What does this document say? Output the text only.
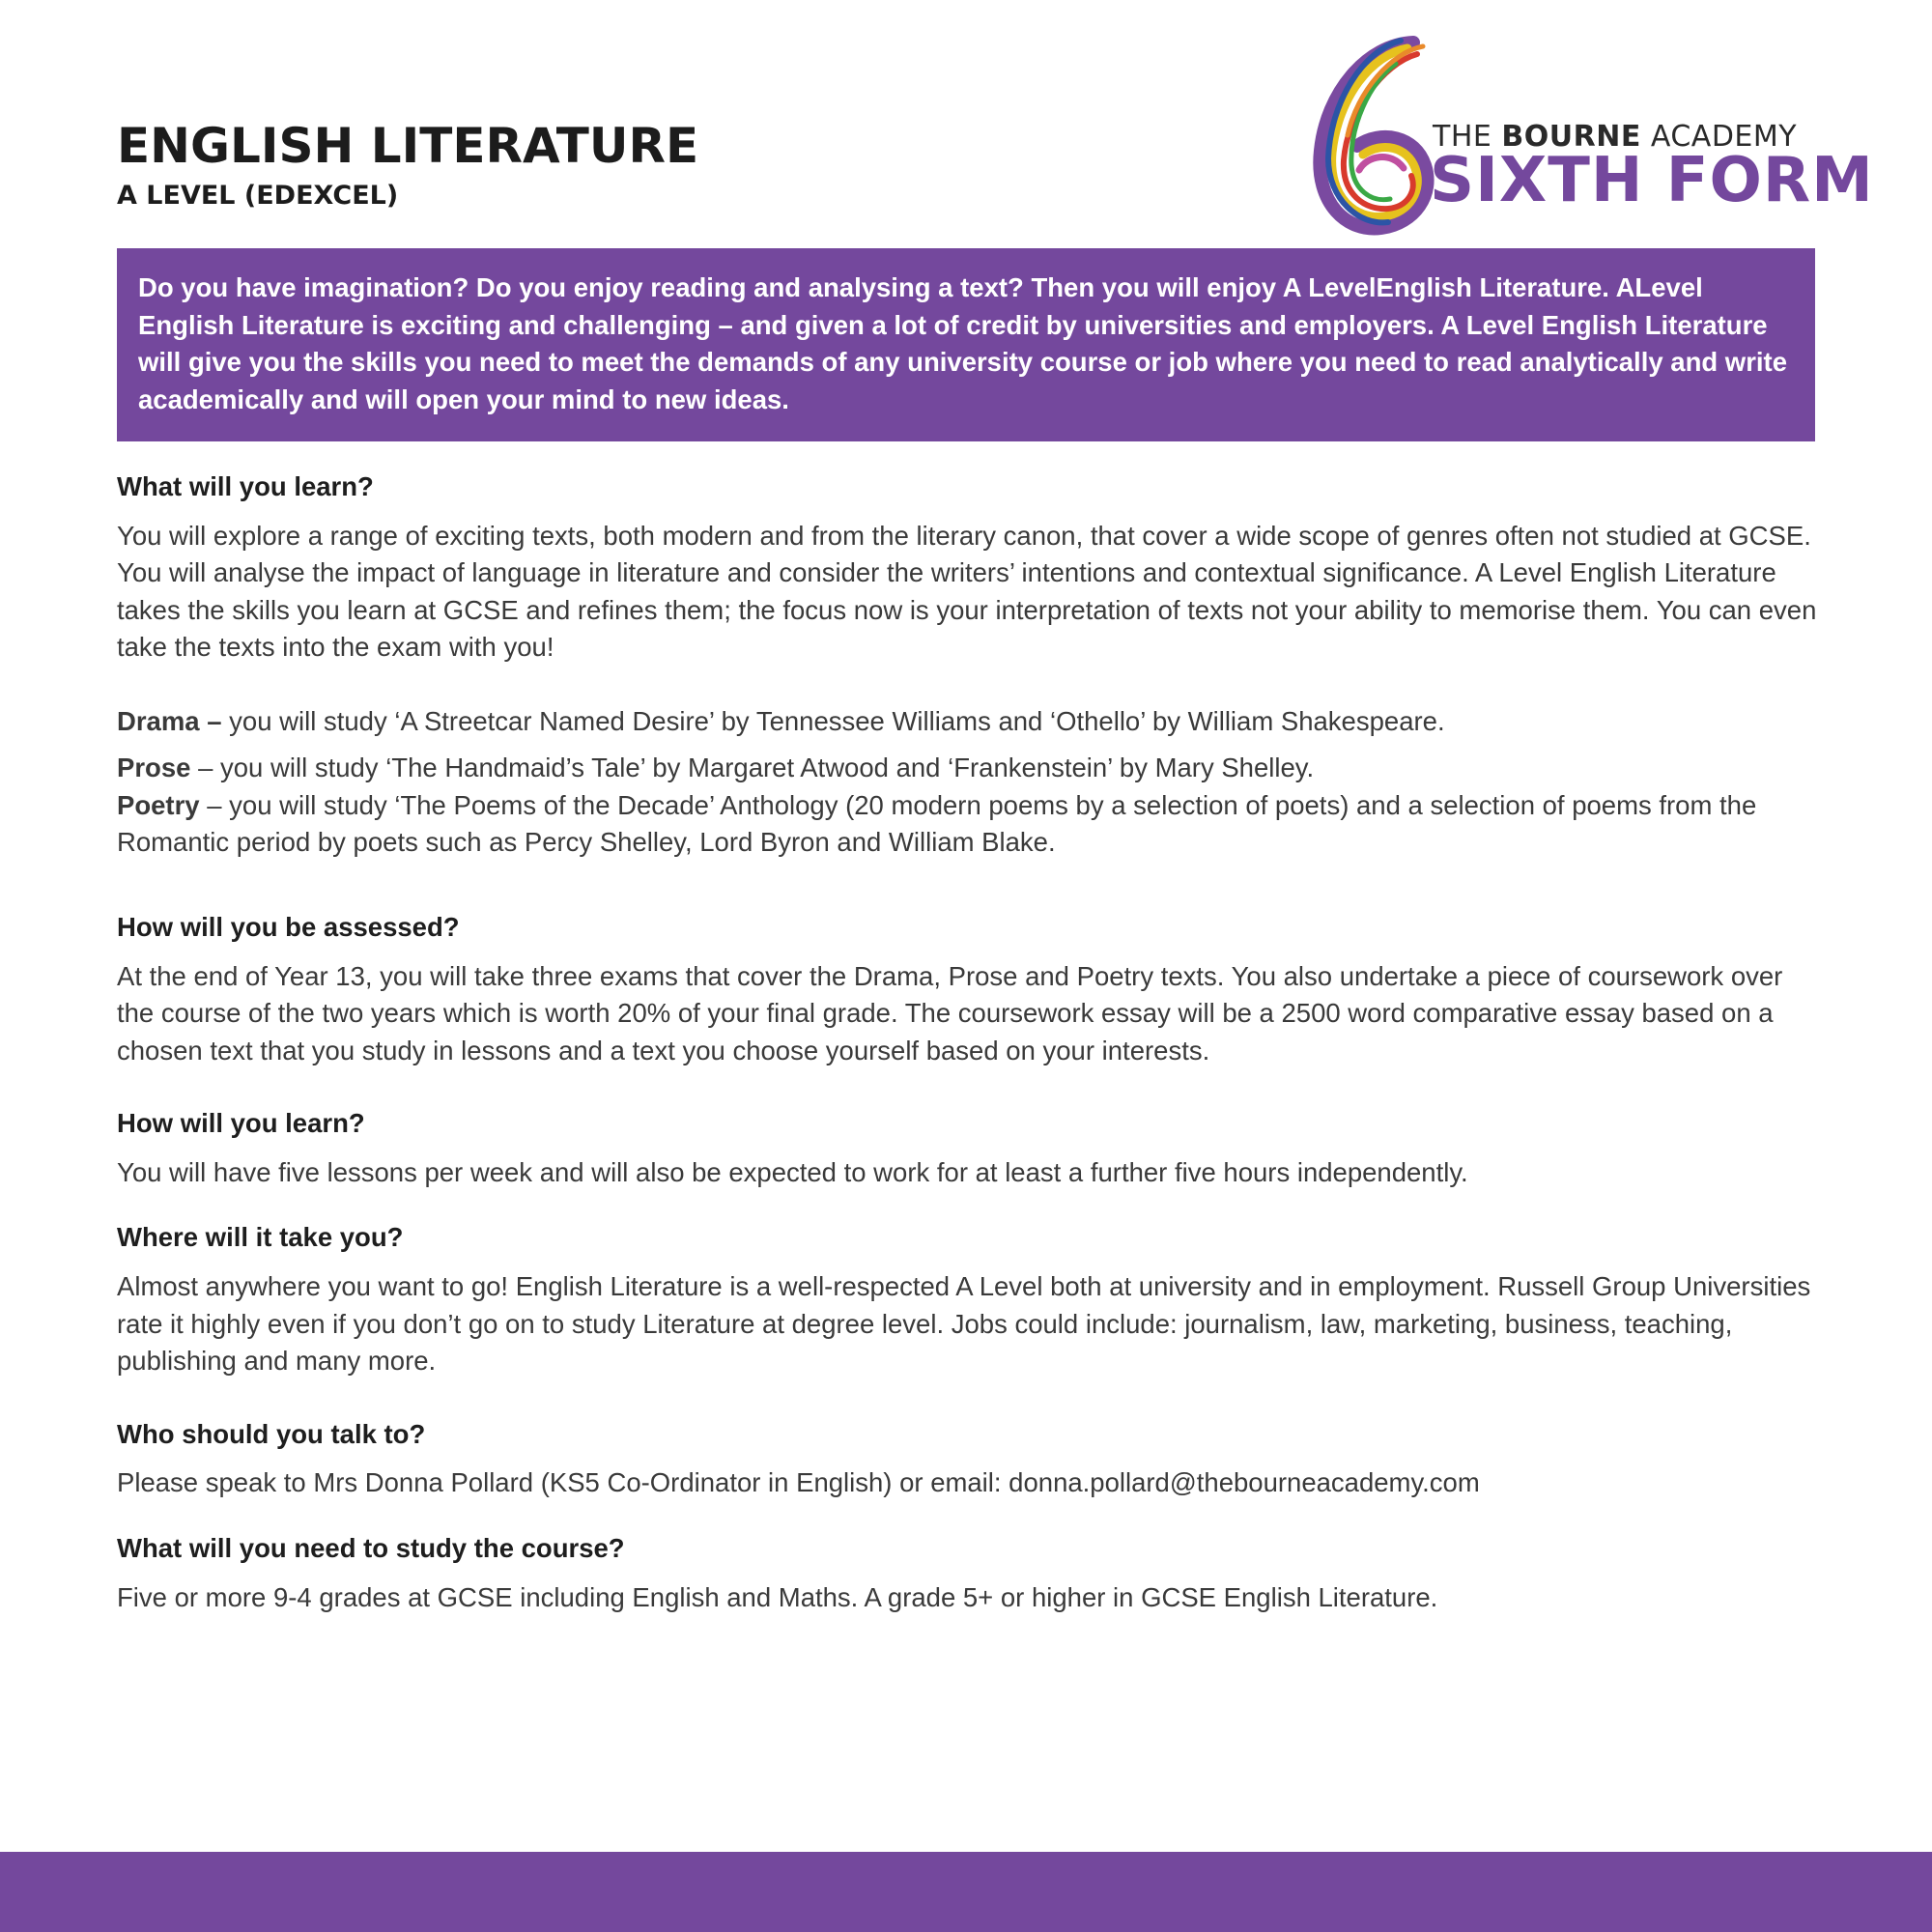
ENGLISH LITERATURE
A LEVEL (EDEXCEL)
THE BOURNE ACADEMY
SIXTH FORM
Do you have imagination? Do you enjoy reading and analysing a text? Then you will enjoy A LevelEnglish Literature. ALevel English Literature is exciting and challenging – and given a lot of credit by universities and employers. A Level English Literature will give you the skills you need to meet the demands of any university course or job where you need to read analytically and write academically and will open your mind to new ideas.
What will you learn?

You will explore a range of exciting texts, both modern and from the literary canon, that cover a wide scope of genres often not studied at GCSE. You will analyse the impact of language in literature and consider the writers’ intentions and contextual significance. A Level English Literature takes the skills you learn at GCSE and refines them; the focus now is your interpretation of texts not your ability to memorise them. You can even take the texts into the exam with you!

Drama – you will study ‘A Streetcar Named Desire’ by Tennessee Williams and ‘Othello’ by William Shakespeare.

Prose – you will study ‘The Handmaid’s Tale’ by Margaret Atwood and ‘Frankenstein’ by Mary Shelley.

Poetry – you will study ‘The Poems of the Decade’ Anthology (20 modern poems by a selection of poets) and a selection of poems from the Romantic period by poets such as Percy Shelley, Lord Byron and William Blake.

How will you be assessed?

At the end of Year 13, you will take three exams that cover the Drama, Prose and Poetry texts. You also undertake a piece of coursework over the course of the two years which is worth 20% of your final grade. The coursework essay will be a 2500 word comparative essay based on a chosen text that you study in lessons and a text you choose yourself based on your interests.

How will you learn?

You will have five lessons per week and will also be expected to work for at least a further five hours independently.

Where will it take you?

Almost anywhere you want to go! English Literature is a well-respected A Level both at university and in employment. Russell Group Universities rate it highly even if you don’t go on to study Literature at degree level. Jobs could include: journalism, law, marketing, business, teaching, publishing and many more.

Who should you talk to?

Please speak to Mrs Donna Pollard (KS5 Co-Ordinator in English) or email: donna.pollard@thebourneacademy.com

What will you need to study the course?

Five or more 9-4 grades at GCSE including English and Maths. A grade 5+ or higher in GCSE English Literature.
